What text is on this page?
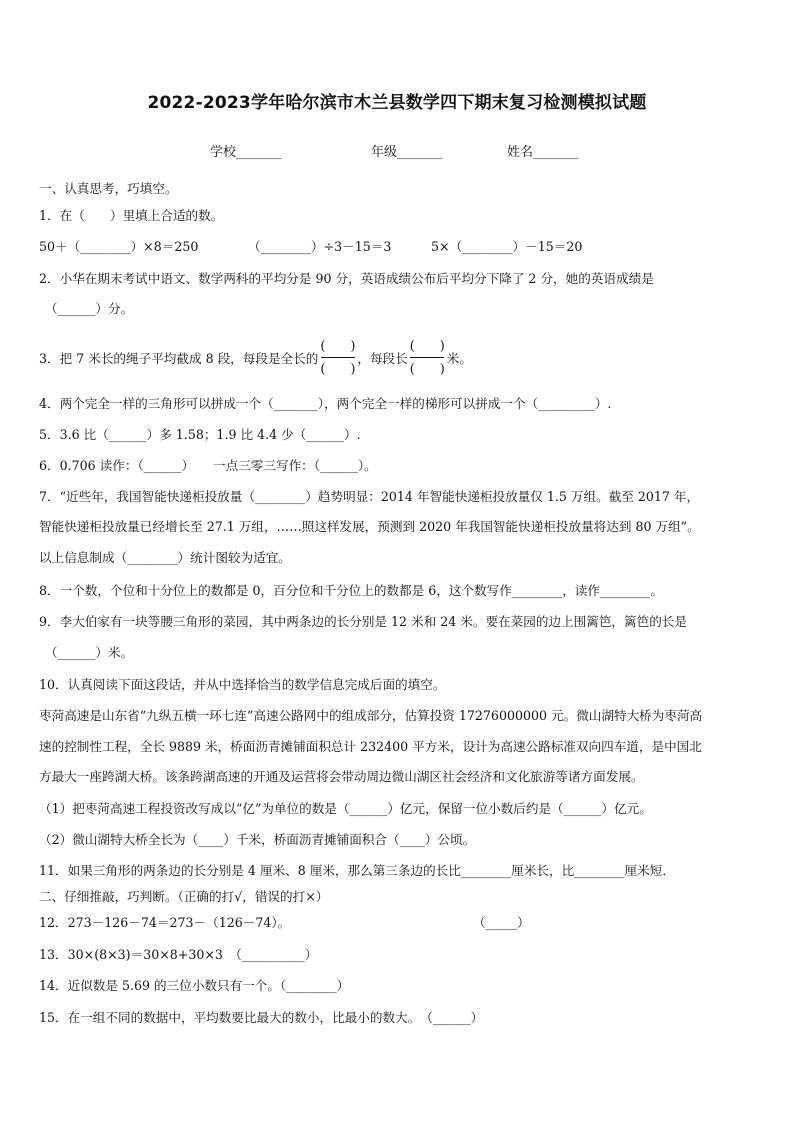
2022-2023学年哈尔滨市木兰县数学四下期末复习检测模拟试题
学校_______	年级_______	姓名_______
一、认真思考，巧填空。
1．在（　　）里填上合适的数。
50＋（________）×8＝250	（________）÷3－15＝3	5×（________）－15＝20
2．小华在期末考试中语文、数学两科的平均分是 90 分，英语成绩公布后平均分下降了 2 分，她的英语成绩是
（______）分。
3．把 7 米长的绳子平均截成 8 段，每段是全长的 $\frac{( )}{( )}$ ，每段长 $\frac{( )}{( )}$ 米。
4．两个完全一样的三角形可以拼成一个（_______），两个完全一样的梯形可以拼成一个（_________）.
5．3.6 比（______）多 1.58；1.9 比 4.4 少（______）.
6．0.706 读作：（______）　　一点三零三写作：（______）。
7．“近些年，我国智能快递柜投放量（________）趋势明显：2014 年智能快递柜投放量仅 1.5 万组。截至 2017 年，
智能快递柜投放量已经增长至 27.1 万组，……照这样发展，预测到 2020 年我国智能快递柜投放量将达到 80 万组”。
以上信息制成（________）统计图较为适宜。
8．一个数，个位和十分位上的数都是 0，百分位和千分位上的数都是 6，这个数写作________，读作________。
9．李大伯家有一块等腰三角形的菜园，其中两条边的长分别是 12 米和 24 米。要在菜园的边上围篱笆，篱笆的长是
（______）米。
10．认真阅读下面这段话，并从中选择恰当的数学信息完成后面的填空。
枣菏高速是山东省“九纵五横一环七连”高速公路网中的组成部分，估算投资 17276000000 元。微山湖特大桥为枣菏高
速的控制性工程，全长 9889 米，桥面沥青摊铺面积总计 232400 平方米，设计为高速公路标准双向四车道，是中国北
方最大一座跨湖大桥。该条跨湖高速的开通及运营将会带动周边微山湖区社会经济和文化旅游等诸方面发展。
（1）把枣菏高速工程投资改写成以“亿”为单位的数是（______）亿元，保留一位小数后约是（______）亿元。
（2）微山湖特大桥全长为（____）千米，桥面沥青摊铺面积合（____）公顷。
11．如果三角形的两条边的长分别是 4 厘米、8 厘米，那么第三条边的长比________厘米长，比________厘米短．
二、仔细推敲，巧判断。（正确的打√，错误的打×）
12．273－126－74＝273－（126－74）。	（_____）
13．30×(8×3)＝30×8+30×3　（__________）
14．近似数是 5.69 的三位小数只有一个。（________）
15．在一组不同的数据中，平均数要比最大的数小，比最小的数大。　（______）
